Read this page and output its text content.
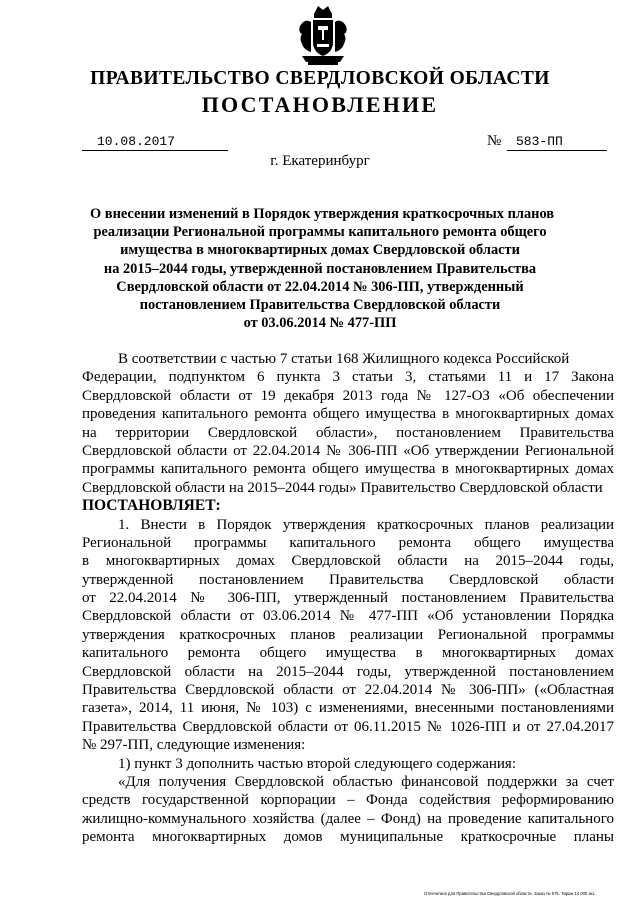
ПРАВИТЕЛЬСТВО СВЕРДЛОВСКОЙ ОБЛАСТИ
ПОСТАНОВЛЕНИЕ
10.08.2017	№	583-ПП
г. Екатеринбург
О внесении изменений в Порядок утверждения краткосрочных планов
реализации Региональной программы капитального ремонта общего
имущества в многоквартирных домах Свердловской области
на 2015–2044 годы, утвержденной постановлением Правительства
Свердловской области от 22.04.2014 № 306-ПП, утвержденный
постановлением Правительства Свердловской области
от 03.06.2014 № 477-ПП
В соответствии с частью 7 статьи 168 Жилищного кодекса Российской
Федерации, подпунктом 6 пункта 3 статьи 3, статьями 11 и 17 Закона
Свердловской области от 19 декабря 2013 года № 127-ОЗ «Об обеспечении
проведения капитального ремонта общего имущества в многоквартирных домах
на территории Свердловской области», постановлением Правительства
Свердловской области от 22.04.2014 № 306-ПП «Об утверждении Региональной
программы капитального ремонта общего имущества в многоквартирных домах
Свердловской области на 2015–2044 годы» Правительство Свердловской области
ПОСТАНОВЛЯЕТ:
1. Внести в Порядок утверждения краткосрочных планов реализации
Региональной программы капитального ремонта общего имущества
в многоквартирных домах Свердловской области на 2015–2044 годы,
утвержденной постановлением Правительства Свердловской области
от 22.04.2014 № 306-ПП, утвержденный постановлением Правительства
Свердловской области от 03.06.2014 № 477-ПП «Об установлении Порядка
утверждения краткосрочных планов реализации Региональной программы
капитального ремонта общего имущества в многоквартирных домах
Свердловской области на 2015–2044 годы, утвержденной постановлением
Правительства Свердловской области от 22.04.2014 № 306-ПП» («Областная
газета», 2014, 11 июня, № 103) с изменениями, внесенными постановлениями
Правительства Свердловской области от 06.11.2015 № 1026-ПП и от 27.04.2017
№ 297-ПП, следующие изменения:
1) пункт 3 дополнить частью второй следующего содержания:
«Для получения Свердловской областью финансовой поддержки за счет
средств государственной корпорации – Фонда содействия реформированию
жилищно-коммунального хозяйства (далее – Фонд) на проведение капитального
ремонта многоквартирных домов муниципальные краткосрочные планы
Отпечатано для Правительства Свердловской области. Заказ № 575. Тираж 14 000 экз.
